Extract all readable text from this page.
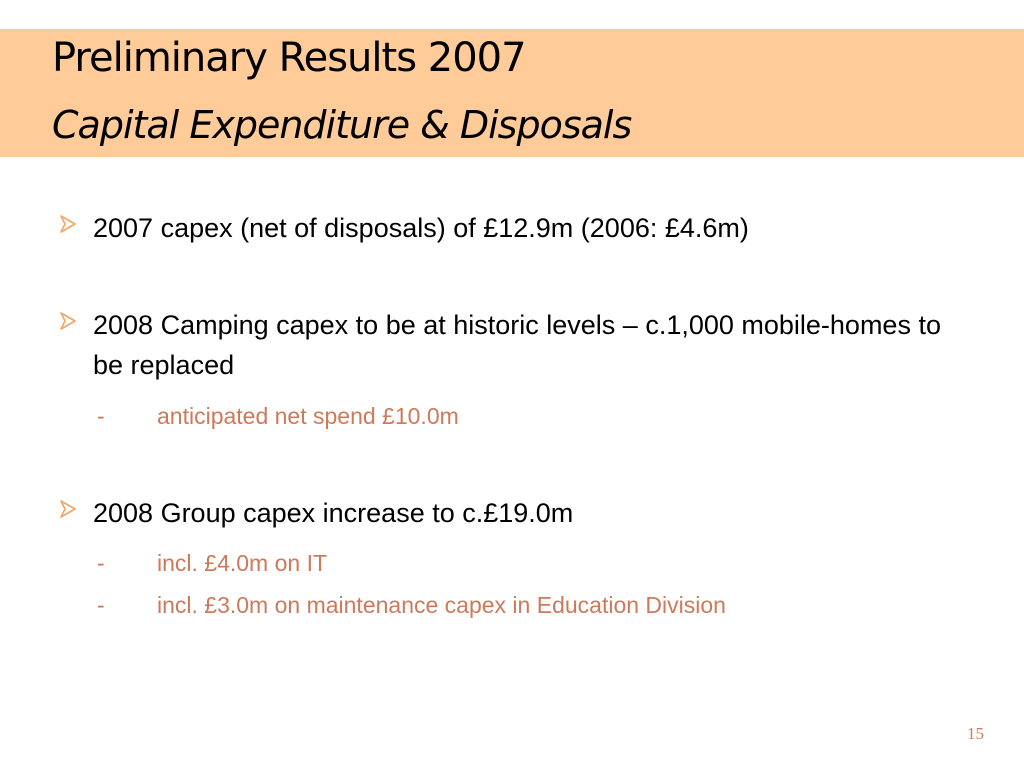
Preliminary Results 2007
Capital Expenditure & Disposals
2007 capex (net of disposals) of £12.9m (2006: £4.6m)
2008 Camping capex to be at historic levels – c.1,000 mobile-homes to be replaced
- anticipated net spend £10.0m
2008 Group capex increase to c.£19.0m
- incl. £4.0m on IT
- incl. £3.0m on maintenance capex in Education Division
15
